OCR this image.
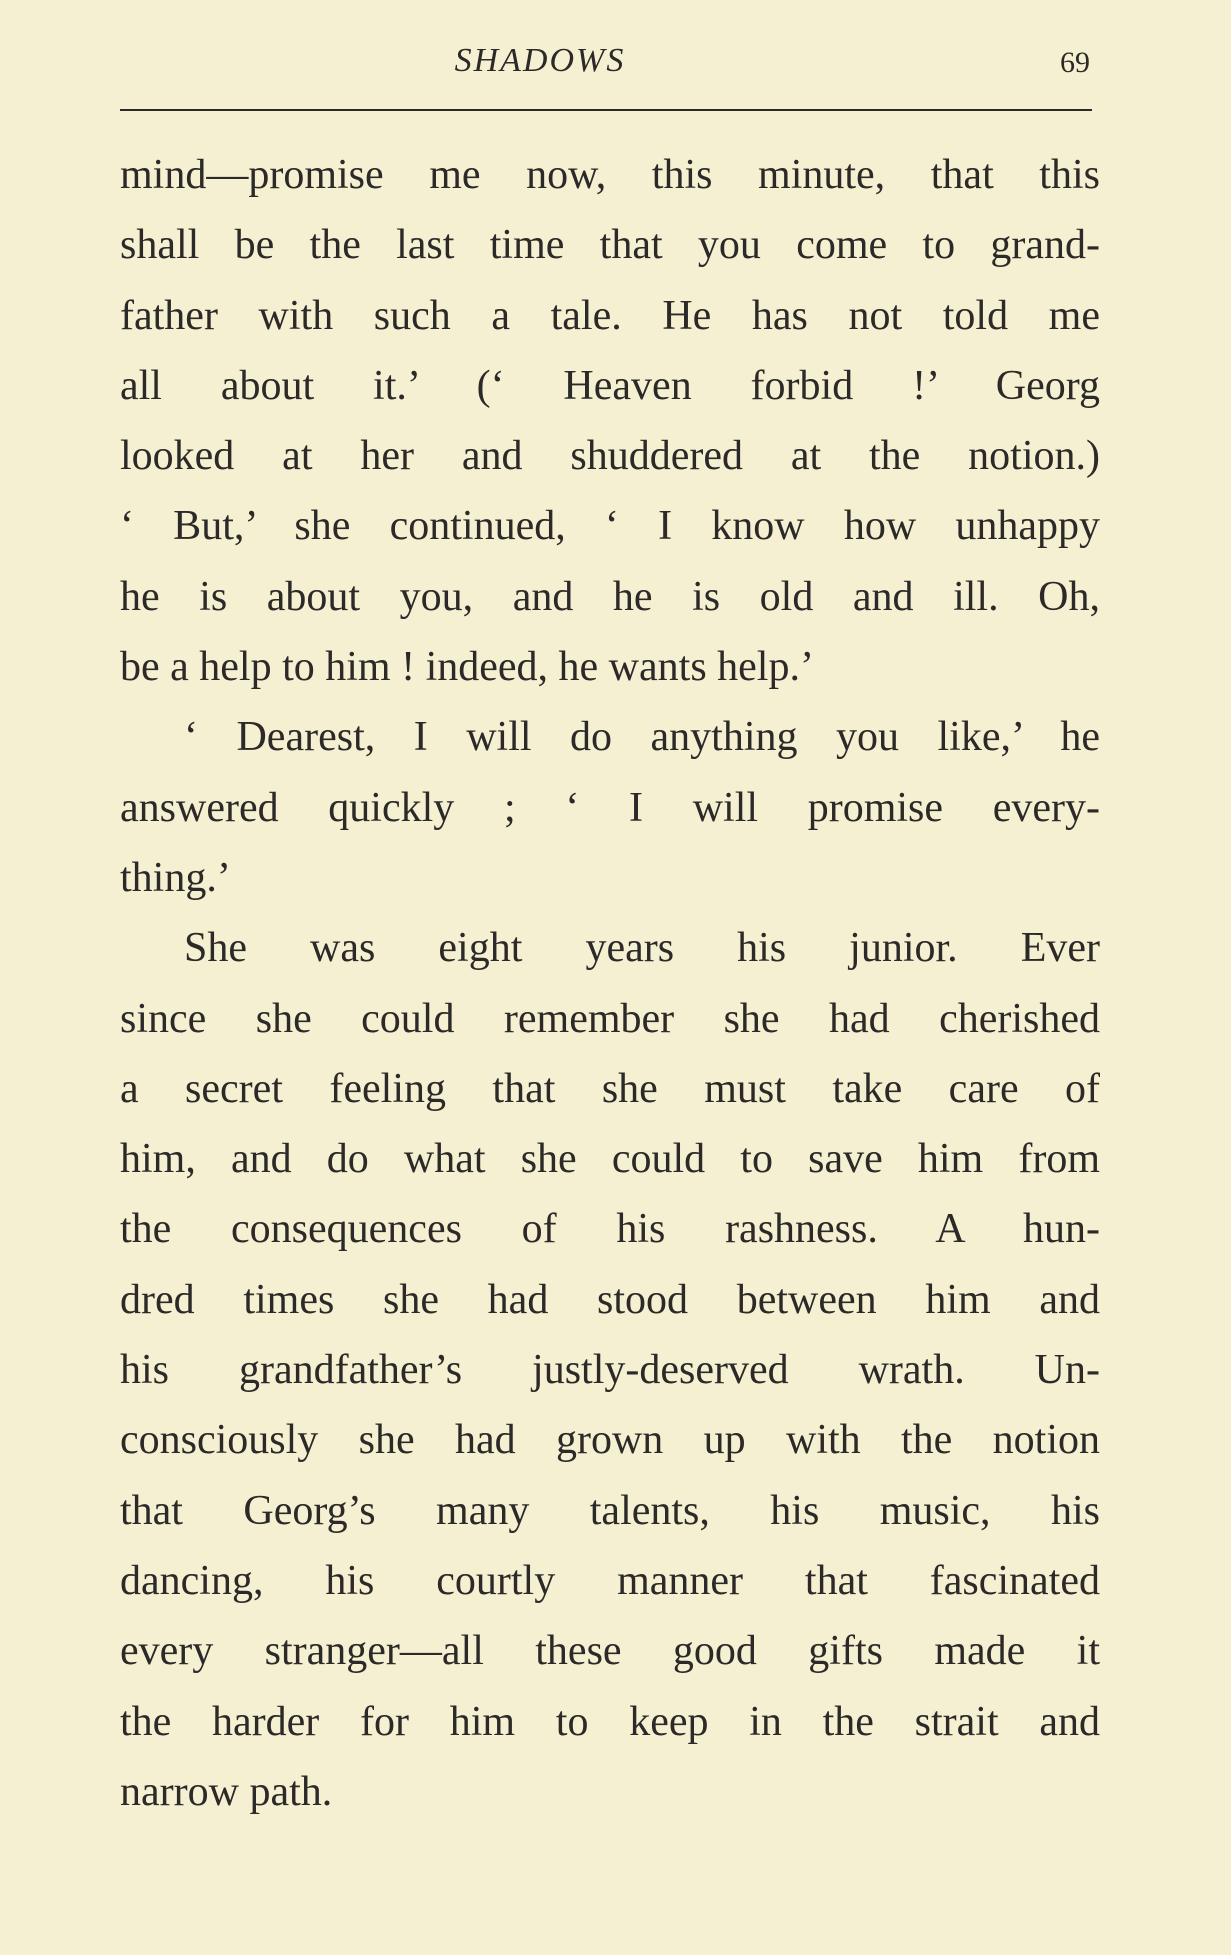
SHADOWS	69
mind—promise me now, this minute, that this
shall be the last time that you come to grand-
father with such a tale. He has not told me
all about it.’ (‘ Heaven forbid !’ Georg
looked at her and shuddered at the notion.)
‘ But,’ she continued, ‘ I know how unhappy
he is about you, and he is old and ill. Oh,
be a help to him ! indeed, he wants help.’
‘ Dearest, I will do anything you like,’ he
answered quickly ; ‘ I will promise every-
thing.’
She was eight years his junior. Ever
since she could remember she had cherished
a secret feeling that she must take care of
him, and do what she could to save him from
the consequences of his rashness. A hun-
dred times she had stood between him and
his grandfather’s justly-deserved wrath. Un-
consciously she had grown up with the notion
that Georg’s many talents, his music, his
dancing, his courtly manner that fascinated
every stranger—all these good gifts made it
the harder for him to keep in the strait and
narrow path.
